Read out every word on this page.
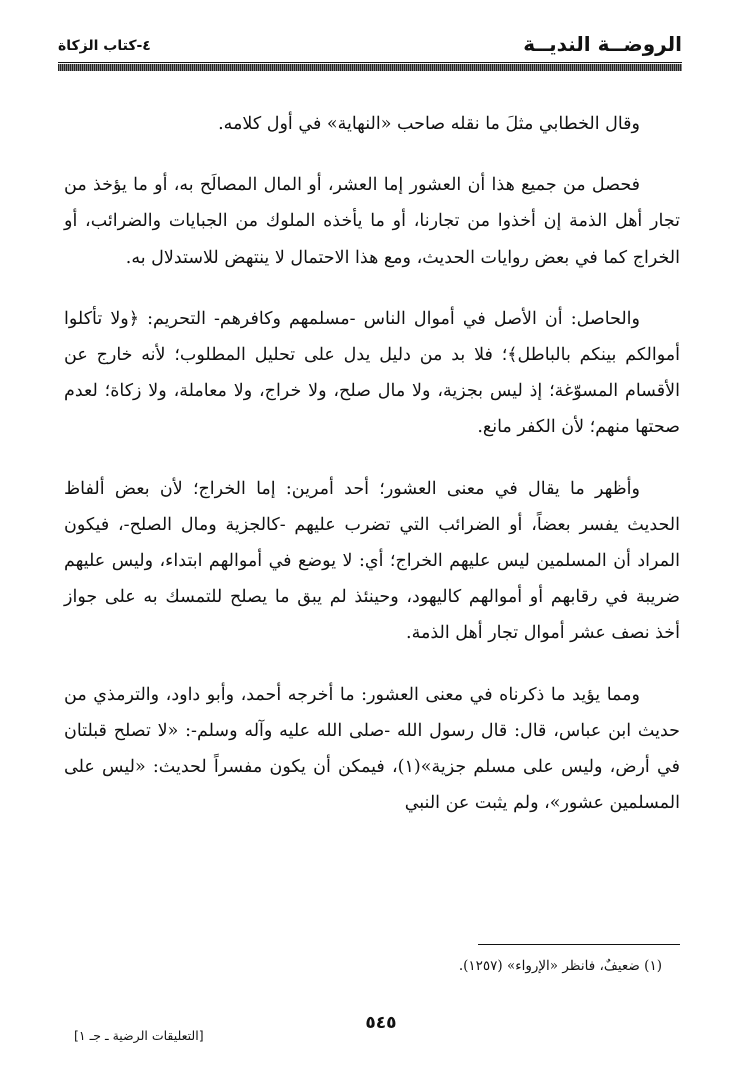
الروضــة النديــة
٤-كتاب الزكاة

وقال الخطابي مثلَ ما نقله صاحب «النهاية» في أول كلامه.

فحصل من جميع هذا أن العشور إما العشر، أو المال المصالَح به، أو ما يؤخذ من تجار أهل الذمة إن أخذوا من تجارنا، أو ما يأخذه الملوك من الجبايات والضرائب، أو الخراج كما في بعض روايات الحديث، ومع هذا الاحتمال لا ينتهض للاستدلال به.

والحاصل: أن الأصل في أموال الناس -مسلمهم وكافرهم- التحريم: ﴿ولا تأكلوا أموالكم بينكم بالباطل﴾؛ فلا بد من دليل يدل على تحليل المطلوب؛ لأنه خارج عن الأقسام المسوّغة؛ إذ ليس بجزية، ولا مال صلح، ولا خراج، ولا معاملة، ولا زكاة؛ لعدم صحتها منهم؛ لأن الكفر مانع.

وأظهر ما يقال في معنى العشور؛ أحد أمرين: إما الخراج؛ لأن بعض ألفاظ الحديث يفسر بعضاً، أو الضرائب التي تضرب عليهم -كالجزية ومال الصلح-، فيكون المراد أن المسلمين ليس عليهم الخراج؛ أي: لا يوضع في أموالهم ابتداء، وليس عليهم ضريبة في رقابهم أو أموالهم كاليهود، وحينئذ لم يبق ما يصلح للتمسك به على جواز أخذ نصف عشر أموال تجار أهل الذمة.

ومما يؤيد ما ذكرناه في معنى العشور: ما أخرجه أحمد، وأبو داود، والترمذي من حديث ابن عباس، قال: قال رسول الله -صلى الله عليه وآله وسلم-: «لا تصلح قبلتان في أرض، وليس على مسلم جزية»(١)، فيمكن أن يكون مفسراً لحديث: «ليس على المسلمين عشور»، ولم يثبت عن النبي

(١) ضعيفٌ، فانظر «الإرواء» (١٢٥٧).
٥٤٥
[التعليقات الرضية ـ جـ ١]
